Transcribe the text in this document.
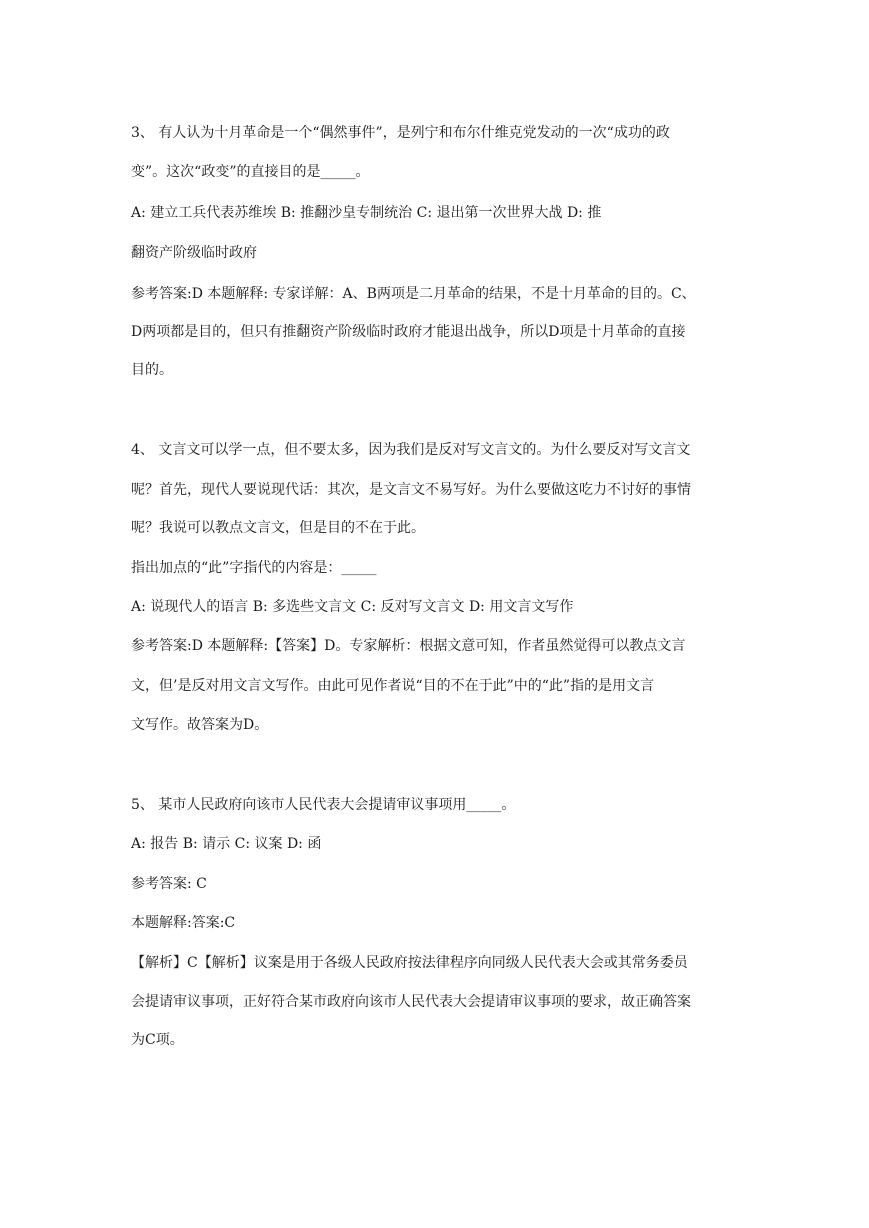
3、 有人认为十月革命是一个“偶然事件”，是列宁和布尔什维克党发动的一次“成功的政
变”。这次“政变”的直接目的是_____。
A: 建立工兵代表苏维埃 B: 推翻沙皇专制统治 C: 退出第一次世界大战 D: 推
翻资产阶级临时政府
参考答案:D 本题解释: 专家详解：A、B两项是二月革命的结果，不是十月革命的目的。C、
D两项都是目的，但只有推翻资产阶级临时政府才能退出战争，所以D项是十月革命的直接
目的。
4、 文言文可以学一点，但不要太多，因为我们是反对写文言文的。为什么要反对写文言文
呢？首先，现代人要说现代话：其次，是文言文不易写好。为什么要做这吃力不讨好的事情
呢？我说可以教点文言文，但是目的不在于此。
指出加点的“此”字指代的内容是：_____
A: 说现代人的语言 B: 多选些文言文 C: 反对写文言文 D: 用文言文写作
参考答案:D 本题解释:【答案】D。专家解析：根据文意可知，作者虽然觉得可以教点文言
文，但’是反对用文言文写作。由此可见作者说“目的不在于此”中的“此”指的是用文言
文写作。故答案为D。
5、 某市人民政府向该市人民代表大会提请审议事项用_____。
A: 报告 B: 请示 C: 议案 D: 函
参考答案: C
本题解释:答案:C
【解析】C【解析】议案是用于各级人民政府按法律程序向同级人民代表大会或其常务委员
会提请审议事项，正好符合某市政府向该市人民代表大会提请审议事项的要求，故正确答案
为C项。
